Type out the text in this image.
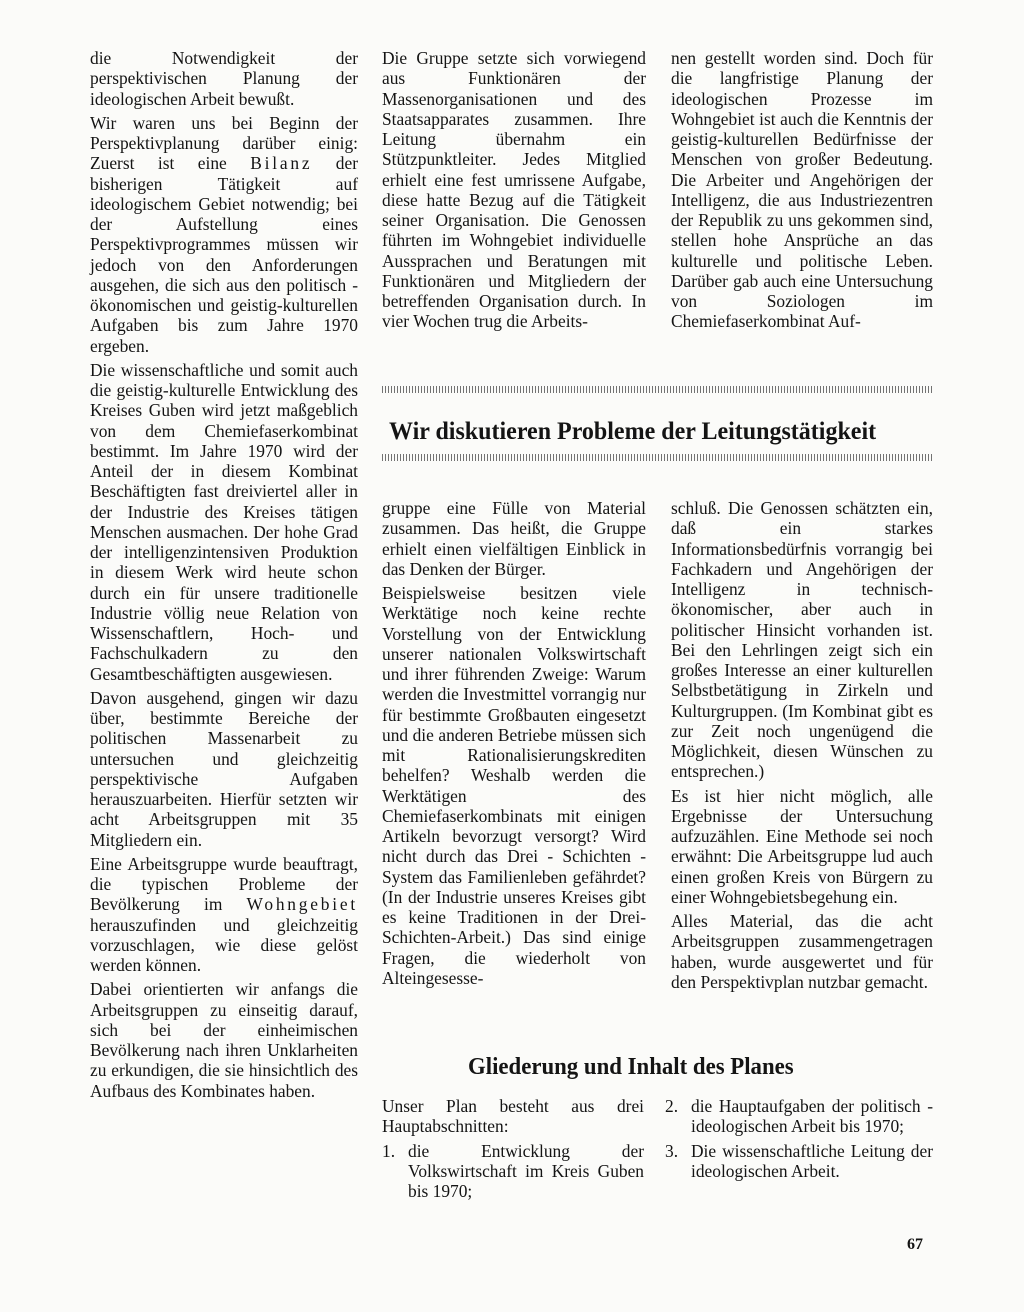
die Notwendigkeit der perspektivischen Planung der ideologischen Arbeit bewußt.

Wir waren uns bei Beginn der Perspektivplanung darüber einig: Zuerst ist eine Bilanz der bisherigen Tätigkeit auf ideologischem Gebiet notwendig; bei der Aufstellung eines Perspektivprogrammes müssen wir jedoch von den Anforderungen ausgehen, die sich aus den politisch - ökonomischen und geistig-kulturellen Aufgaben bis zum Jahre 1970 ergeben.

Die wissenschaftliche und somit auch die geistig-kulturelle Entwicklung des Kreises Guben wird jetzt maßgeblich von dem Chemiefaserkombinat bestimmt. Im Jahre 1970 wird der Anteil der in diesem Kombinat Beschäftigten fast dreiviertel aller in der Industrie des Kreises tätigen Menschen ausmachen. Der hohe Grad der intelligenzintensiven Produktion in diesem Werk wird heute schon durch ein für unsere traditionelle Industrie völlig neue Relation von Wissenschaftlern, Hoch- und Fachschulkadern zu den Gesamtbeschäftigten ausgewiesen.

Davon ausgehend, gingen wir dazu über, bestimmte Bereiche der politischen Massenarbeit zu untersuchen und gleichzeitig perspektivische Aufgaben herauszuarbeiten. Hierfür setzten wir acht Arbeitsgruppen mit 35 Mitgliedern ein.

Eine Arbeitsgruppe wurde beauftragt, die typischen Probleme der Bevölkerung im Wohngebiet herauszufinden und gleichzeitig vorzuschlagen, wie diese gelöst werden können.

Dabei orientierten wir anfangs die Arbeitsgruppen zu einseitig darauf, sich bei der einheimischen Bevölkerung nach ihren Unklarheiten zu erkundigen, die sie hinsichtlich des Aufbaus des Kombinates haben.

Die Gruppe setzte sich vorwiegend aus Funktionären der Massenorganisationen und des Staatsapparates zusammen. Ihre Leitung übernahm ein Stützpunktleiter. Jedes Mitglied erhielt eine fest umrissene Aufgabe, diese hatte Bezug auf die Tätigkeit seiner Organisation. Die Genossen führten im Wohngebiet individuelle Aussprachen und Beratungen mit Funktionären und Mitgliedern der betreffenden Organisation durch. In vier Wochen trug die Arbeits-

nen gestellt worden sind. Doch für die langfristige Planung der ideologischen Prozesse im Wohngebiet ist auch die Kenntnis der geistig-kulturellen Bedürfnisse der Menschen von großer Bedeutung. Die Arbeiter und Angehörigen der Intelligenz, die aus Industriezentren der Republik zu uns gekommen sind, stellen hohe Ansprüche an das kulturelle und politische Leben. Darüber gab auch eine Untersuchung von Soziologen im Chemiefaserkombinat Auf-

Wir diskutieren Probleme der Leitungstätigkeit

gruppe eine Fülle von Material zusammen. Das heißt, die Gruppe erhielt einen vielfältigen Einblick in das Denken der Bürger.

Beispielsweise besitzen viele Werktätige noch keine rechte Vorstellung von der Entwicklung unserer nationalen Volkswirtschaft und ihrer führenden Zweige: Warum werden die Investmittel vorrangig nur für bestimmte Großbauten eingesetzt und die anderen Betriebe müssen sich mit Rationalisierungskrediten behelfen? Weshalb werden die Werktätigen des Chemiefaserkombinats mit einigen Artikeln bevorzugt versorgt? Wird nicht durch das Drei - Schichten - System das Familienleben gefährdet? (In der Industrie unseres Kreises gibt es keine Traditionen in der Drei-Schichten-Arbeit.) Das sind einige Fragen, die wiederholt von Alteingesesse-

schluß. Die Genossen schätzten ein, daß ein starkes Informationsbedürfnis vorrangig bei Fachkadern und Angehörigen der Intelligenz in technisch-ökonomischer, aber auch in politischer Hinsicht vorhanden ist. Bei den Lehrlingen zeigt sich ein großes Interesse an einer kulturellen Selbstbetätigung in Zirkeln und Kulturgruppen. (Im Kombinat gibt es zur Zeit noch ungenügend die Möglichkeit, diesen Wünschen zu entsprechen.)

Es ist hier nicht möglich, alle Ergebnisse der Untersuchung aufzuzählen. Eine Methode sei noch erwähnt: Die Arbeitsgruppe lud auch einen großen Kreis von Bürgern zu einer Wohngebietsbegehung ein.

Alles Material, das die acht Arbeitsgruppen zusammengetragen haben, wurde ausgewertet und für den Perspektivplan nutzbar gemacht.

Gliederung und Inhalt des Planes

Unser Plan besteht aus drei Hauptabschnitten:

1. die Entwicklung der Volkswirtschaft im Kreis Guben bis 1970;
2. die Hauptaufgaben der politisch - ideologischen Arbeit bis 1970;
3. Die wissenschaftliche Leitung der ideologischen Arbeit.
67
